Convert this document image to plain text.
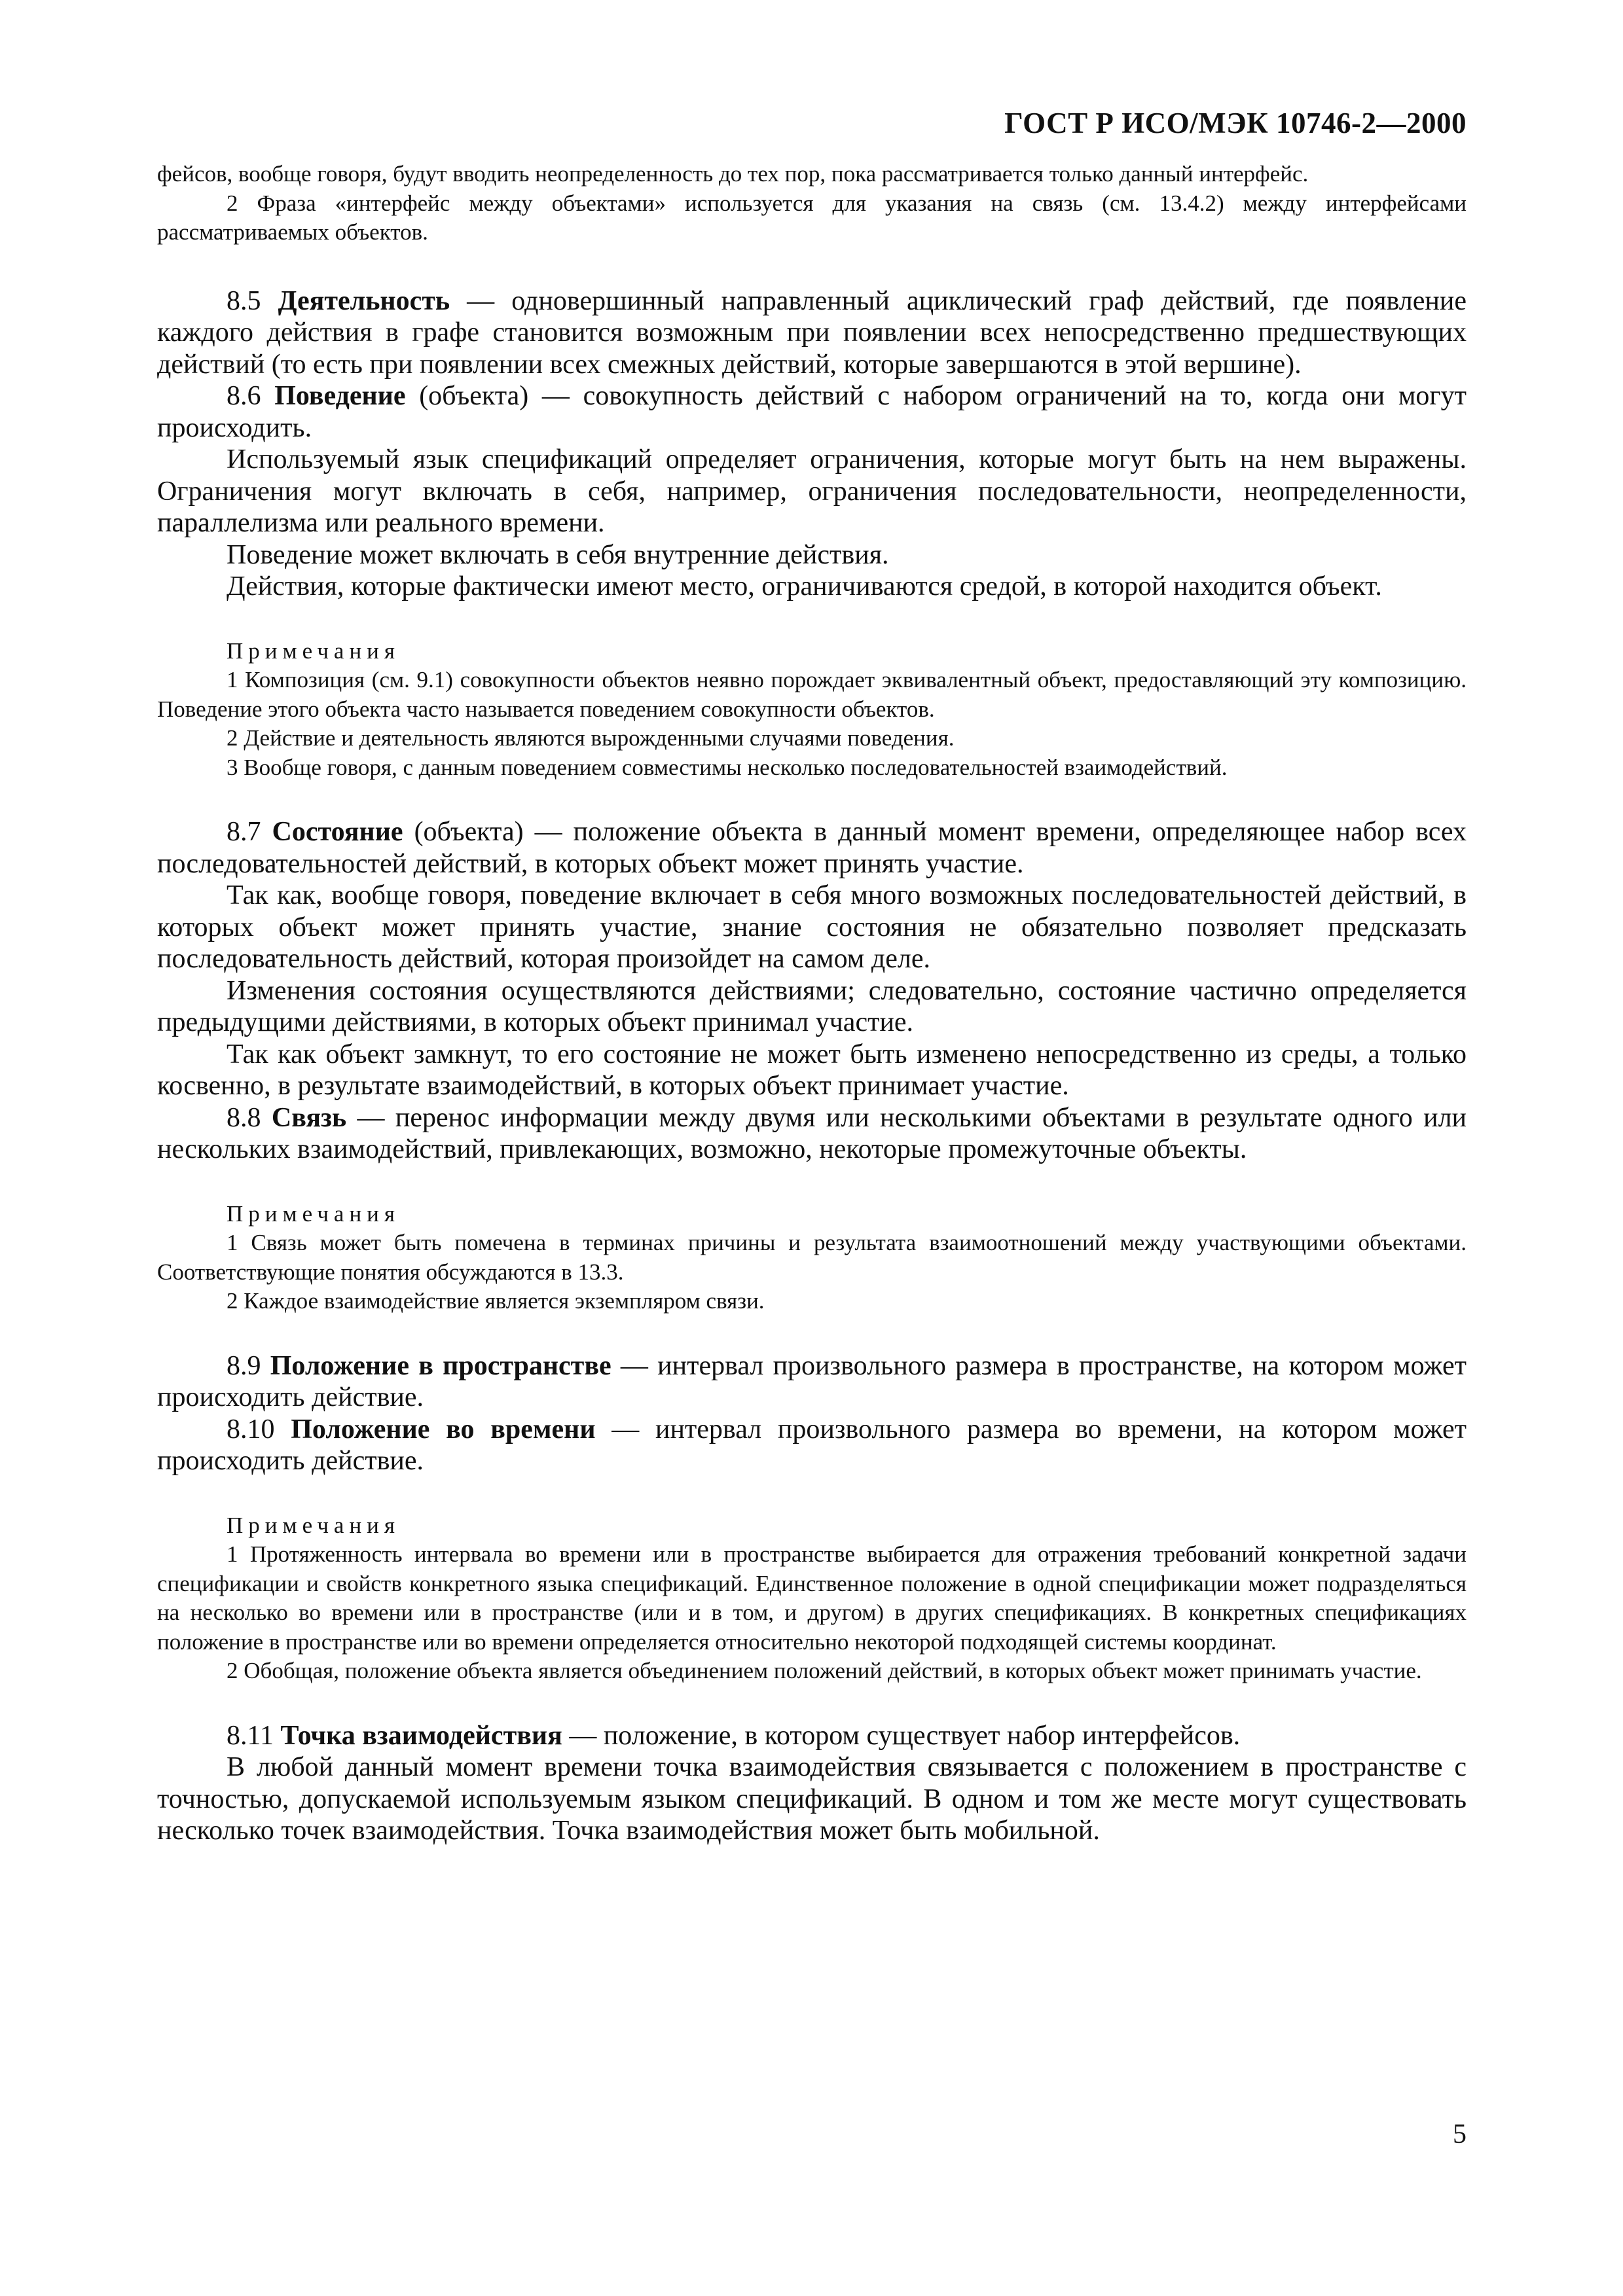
ГОСТ Р ИСО/МЭК 10746-2—2000

фейсов, вообще говоря, будут вводить неопределенность до тех пор, пока рассматривается только данный интерфейс.

2 Фраза «интерфейс между объектами» используется для указания на связь (см. 13.4.2) между интерфейсами рассматриваемых объектов.

8.5 Деятельность — одновершинный направленный ациклический граф действий, где появление каждого действия в графе становится возможным при появлении всех непосредственно предшествующих действий (то есть при появлении всех смежных действий, которые завершаются в этой вершине).

8.6 Поведение (объекта) — совокупность действий с набором ограничений на то, когда они могут происходить.

Используемый язык спецификаций определяет ограничения, которые могут быть на нем выражены. Ограничения могут включать в себя, например, ограничения последовательности, неопределенности, параллелизма или реального времени.

Поведение может включать в себя внутренние действия.

Действия, которые фактически имеют место, ограничиваются средой, в которой находится объект.

Примечания

1 Композиция (см. 9.1) совокупности объектов неявно порождает эквивалентный объект, предоставляющий эту композицию. Поведение этого объекта часто называется поведением совокупности объектов.

2 Действие и деятельность являются вырожденными случаями поведения.

3 Вообще говоря, с данным поведением совместимы несколько последовательностей взаимодействий.

8.7 Состояние (объекта) — положение объекта в данный момент времени, определяющее набор всех последовательностей действий, в которых объект может принять участие.

Так как, вообще говоря, поведение включает в себя много возможных последовательностей действий, в которых объект может принять участие, знание состояния не обязательно позволяет предсказать последовательность действий, которая произойдет на самом деле.

Изменения состояния осуществляются действиями; следовательно, состояние частично определяется предыдущими действиями, в которых объект принимал участие.

Так как объект замкнут, то его состояние не может быть изменено непосредственно из среды, а только косвенно, в результате взаимодействий, в которых объект принимает участие.

8.8 Связь — перенос информации между двумя или несколькими объектами в результате одного или нескольких взаимодействий, привлекающих, возможно, некоторые промежуточные объекты.

Примечания

1 Связь может быть помечена в терминах причины и результата взаимоотношений между участвующими объектами. Соответствующие понятия обсуждаются в 13.3.

2 Каждое взаимодействие является экземпляром связи.

8.9 Положение в пространстве — интервал произвольного размера в пространстве, на котором может происходить действие.

8.10 Положение во времени — интервал произвольного размера во времени, на котором может происходить действие.

Примечания

1 Протяженность интервала во времени или в пространстве выбирается для отражения требований конкретной задачи спецификации и свойств конкретного языка спецификаций. Единственное положение в одной спецификации может подразделяться на несколько во времени или в пространстве (или и в том, и другом) в других спецификациях. В конкретных спецификациях положение в пространстве или во времени определяется относительно некоторой подходящей системы координат.

2 Обобщая, положение объекта является объединением положений действий, в которых объект может принимать участие.

8.11 Точка взаимодействия — положение, в котором существует набор интерфейсов.

В любой данный момент времени точка взаимодействия связывается с положением в пространстве с точностью, допускаемой используемым языком спецификаций. В одном и том же месте могут существовать несколько точек взаимодействия. Точка взаимодействия может быть мобильной.

5
